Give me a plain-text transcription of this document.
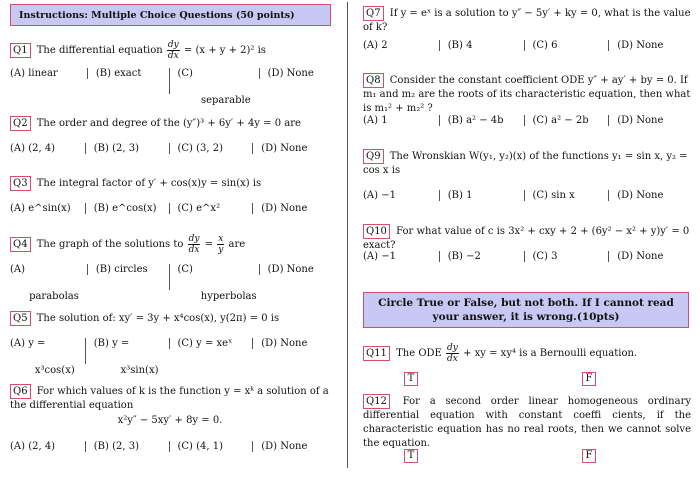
Instructions: Multiple Choice Questions (50 points)
Q1 The differential equation $\frac{dy}{dx} = (x + y + 2)^2$ is
(A) linear	(B) exact	(C)
separable
(D) None
Q2 The order and degree of the (y″)³ + 6y′ + 4y = 0 are
(A) (2, 4)	(B) (2, 3)	(C) (3, 2)	(D) None
Q3 The integral factor of y′ + cos(x)y = sin(x) is
(A) e^sin(x)	(B) e^cos(x)	(C) e^x²	(D) None
Q4 The graph of the solutions to $\frac{dy}{dx} = \frac{x}{y}$ are
(A)
parabolas
(B) circles	(C)
hyperbolas
(D) None
Q5 The solution of: xy′ = 3y + x⁴cos(x), y(2π) = 0 is
(A) y =
x³cos(x)
(B) y =
x³sin(x)
(C) y = xeˣ	(D) None
Q6 For which values of k is the function y = xᵏ a solution of a the differential equation
x²y″ − 5xy′ + 8y = 0.
(A) (2, 4)	(B) (2, 3)	(C) (4, 1)	(D) None
Q7 If y = eˣ is a solution to y″ − 5y′ + ky = 0, what is the value of k?
(A) 2	(B) 4	(C) 6	(D) None
Q8 Consider the constant coefficient ODE y″ + ay′ + by = 0. If m₁ and m₂ are the roots of its characteristic equation, then what is m₁² + m₂² ?
(A) 1	(B) a² − 4b	(C) a² − 2b	(D) None
Q9 The Wronskian W(y₁, y₂)(x) of the functions y₁ = sin x, y₂ = cos x is
(A) −1	(B) 1	(C) sin x	(D) None
Q10 For what value of c is 3x² + cxy + 2 + (6y² − x² + y)y′ = 0 exact?
(A) −1	(B) −2	(C) 3	(D) None
Circle True or False, but not both. If I cannot read your answer, it is wrong.(10pts)
Q11 The ODE $\frac{dy}{dx}$ + xy = xy⁴ is a Bernoulli equation.
T	F
Q12 For a second order linear homogeneous ordinary differential equation with constant coeffi cients, if the characteristic equation has no real roots, then we cannot solve the equation.
T	F
